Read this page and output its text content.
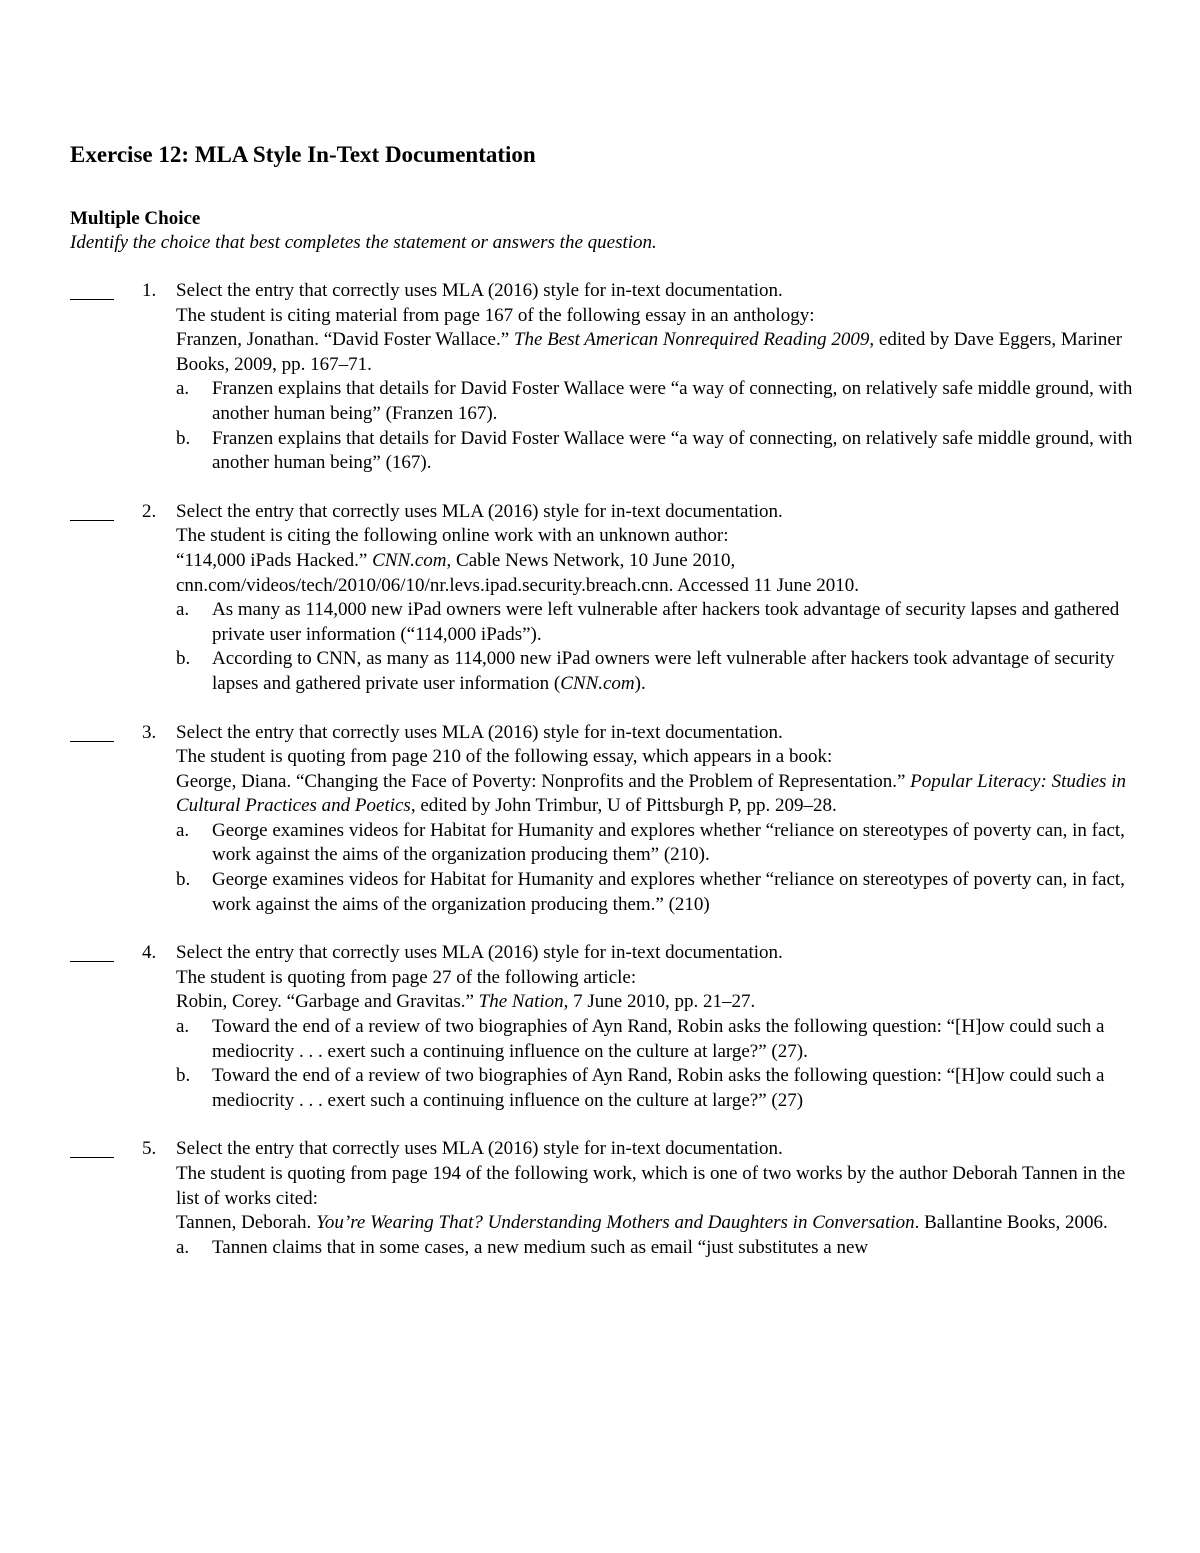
Exercise 12: MLA Style In-Text Documentation
Multiple Choice

Identify the choice that best completes the statement or answers the question.

1. Select the entry that correctly uses MLA (2016) style for in-text documentation.
The student is citing material from page 167 of the following essay in an anthology:
Franzen, Jonathan. “David Foster Wallace.” The Best American Nonrequired Reading 2009, edited by Dave Eggers, Mariner Books, 2009, pp. 167–71.
a. Franzen explains that details for David Foster Wallace were “a way of connecting, on relatively safe middle ground, with another human being” (Franzen 167).
b. Franzen explains that details for David Foster Wallace were “a way of connecting, on relatively safe middle ground, with another human being” (167).
2. Select the entry that correctly uses MLA (2016) style for in-text documentation.
The student is citing the following online work with an unknown author:
“114,000 iPads Hacked.” CNN.com, Cable News Network, 10 June 2010, cnn.com/videos/tech/2010/06/10/nr.levs.ipad.security.breach.cnn. Accessed 11 June 2010.
a. As many as 114,000 new iPad owners were left vulnerable after hackers took advantage of security lapses and gathered private user information (“114,000 iPads”).
b. According to CNN, as many as 114,000 new iPad owners were left vulnerable after hackers took advantage of security lapses and gathered private user information (CNN.com).
3. Select the entry that correctly uses MLA (2016) style for in-text documentation.
The student is quoting from page 210 of the following essay, which appears in a book:
George, Diana. “Changing the Face of Poverty: Nonprofits and the Problem of Representation.” Popular Literacy: Studies in Cultural Practices and Poetics, edited by John Trimbur, U of Pittsburgh P, pp. 209–28.
a. George examines videos for Habitat for Humanity and explores whether “reliance on stereotypes of poverty can, in fact, work against the aims of the organization producing them” (210).
b. George examines videos for Habitat for Humanity and explores whether “reliance on stereotypes of poverty can, in fact, work against the aims of the organization producing them.” (210)
4. Select the entry that correctly uses MLA (2016) style for in-text documentation.
The student is quoting from page 27 of the following article:
Robin, Corey. “Garbage and Gravitas.” The Nation, 7 June 2010, pp. 21–27.
a. Toward the end of a review of two biographies of Ayn Rand, Robin asks the following question: “[H]ow could such a mediocrity . . . exert such a continuing influence on the culture at large?” (27).
b. Toward the end of a review of two biographies of Ayn Rand, Robin asks the following question: “[H]ow could such a mediocrity . . . exert such a continuing influence on the culture at large?” (27)
5. Select the entry that correctly uses MLA (2016) style for in-text documentation.
The student is quoting from page 194 of the following work, which is one of two works by the author Deborah Tannen in the list of works cited:
Tannen, Deborah. You’re Wearing That? Understanding Mothers and Daughters in Conversation. Ballantine Books, 2006.
a. Tannen claims that in some cases, a new medium such as email “just substitutes a new
